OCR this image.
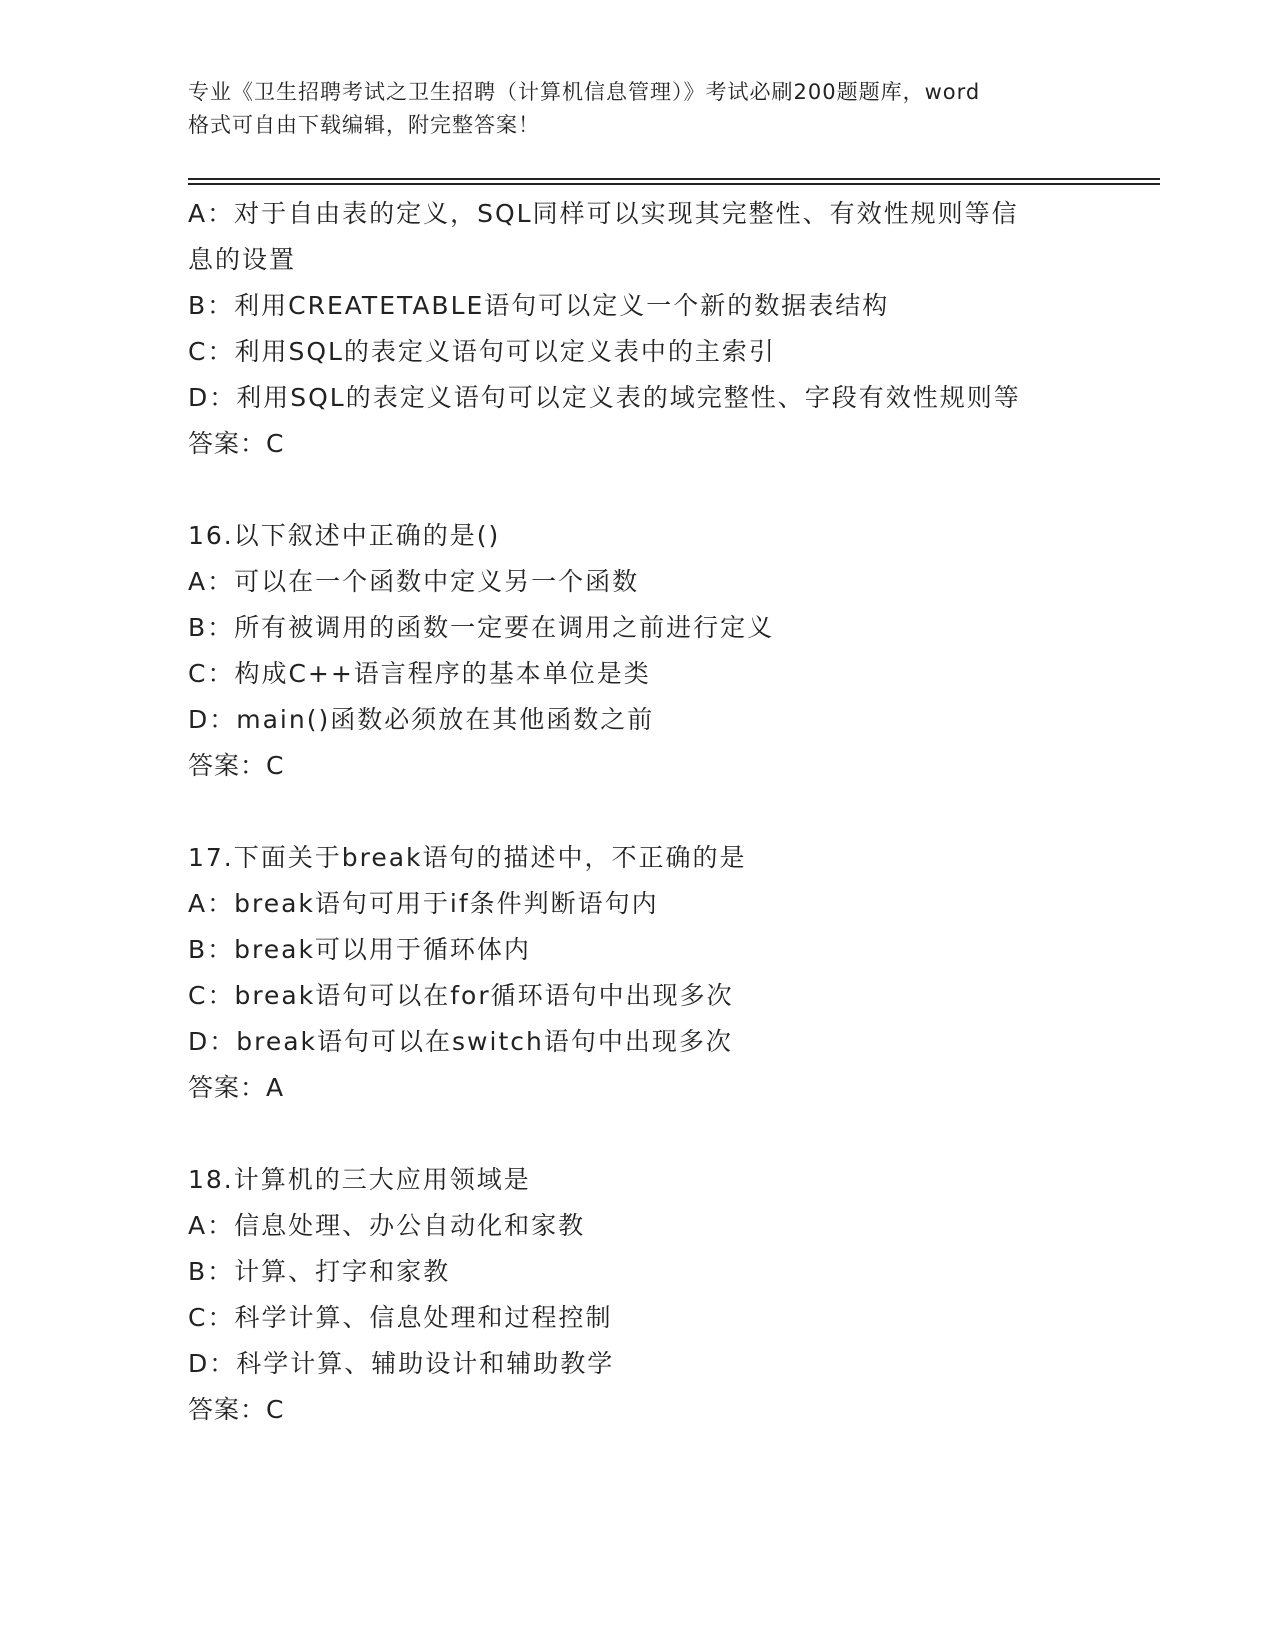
专业《卫生招聘考试之卫生招聘（计算机信息管理）》考试必刷200题题库，word
格式可自由下载编辑，附完整答案！
A：对于自由表的定义，SQL同样可以实现其完整性、有效性规则等信
息的设置
B：利用CREATETABLE语句可以定义一个新的数据表结构
C：利用SQL的表定义语句可以定义表中的主索引
D：利用SQL的表定义语句可以定义表的域完整性、字段有效性规则等
答案：C
16.以下叙述中正确的是()
A：可以在一个函数中定义另一个函数
B：所有被调用的函数一定要在调用之前进行定义
C：构成C++语言程序的基本单位是类
D：main()函数必须放在其他函数之前
答案：C
17.下面关于break语句的描述中，不正确的是
A：break语句可用于if条件判断语句内
B：break可以用于循环体内
C：break语句可以在for循环语句中出现多次
D：break语句可以在switch语句中出现多次
答案：A
18.计算机的三大应用领域是
A：信息处理、办公自动化和家教
B：计算、打字和家教
C：科学计算、信息处理和过程控制
D：科学计算、辅助设计和辅助教学
答案：C
